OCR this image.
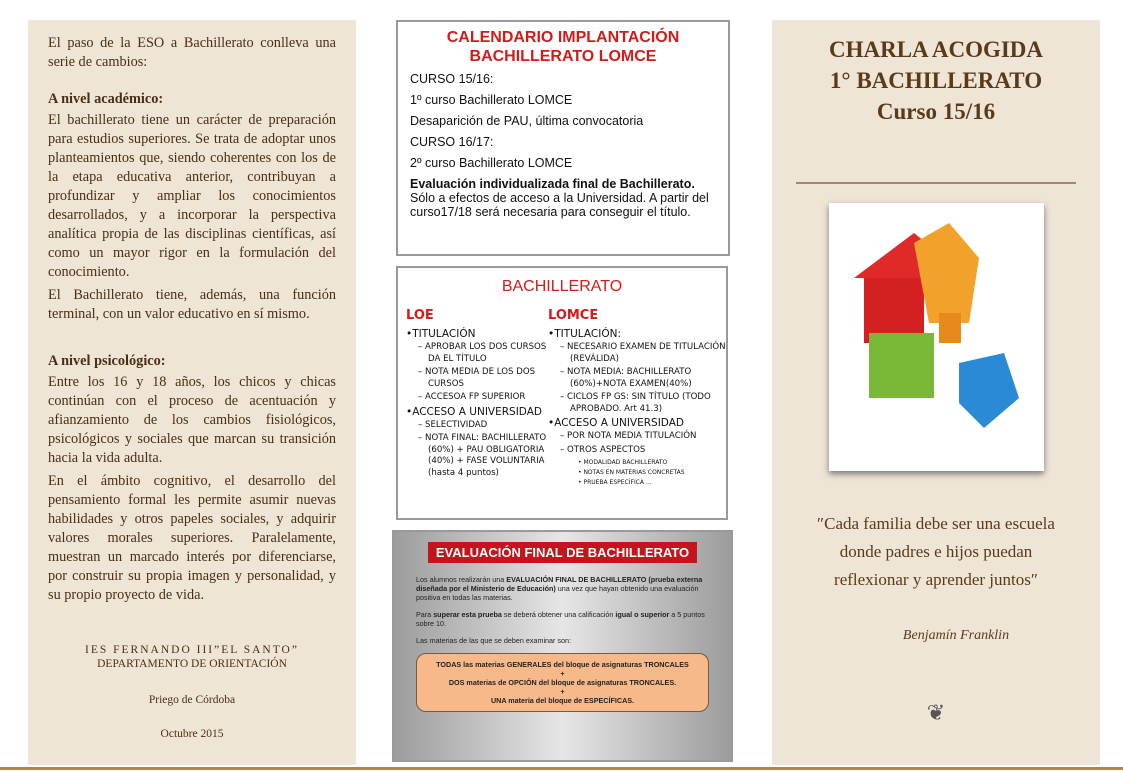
El paso de la ESO a Bachillerato conlleva una serie de cambios:

A nivel académico:

El bachillerato tiene un carácter de preparación para estudios superiores. Se trata de adoptar unos planteamientos que, siendo coherentes con los de la etapa educativa anterior, contribuyan a profundizar y ampliar los conocimientos desarrollados, y a incorporar la perspectiva analítica propia de las disciplinas científicas, así como un mayor rigor en la formulación del conocimiento.

El Bachillerato tiene, además, una función terminal, con un valor educativo en sí mismo.

A nivel psicológico:

Entre los 16 y 18 años, los chicos y chicas continúan con el proceso de acentuación y afianzamiento de los cambios fisiológicos, psicológicos y sociales que marcan su transición hacia la vida adulta.

En el ámbito cognitivo, el desarrollo del pensamiento formal les permite asumir nuevas habilidades y otros papeles sociales, y adquirir valores morales superiores. Paralelamente, muestran un marcado interés por diferenciarse, por construir su propia imagen y personalidad, y su propio proyecto de vida.

IES FERNANDO III”EL SANTO”
DEPARTAMENTO DE ORIENTACIÓN
Priego de Córdoba
Octubre 2015
CALENDARIO IMPLANTACIÓN BACHILLERATO LOMCE
CURSO 15/16:
1º curso Bachillerato LOMCE
Desaparición de PAU, última convocatoria
CURSO 16/17:
2º curso Bachillerato LOMCE
Evaluación individualizada final de Bachillerato. Sólo a efectos de acceso a la Universidad. A partir del curso17/18 será necesaria para conseguir el título.
BACHILLERATO
LOE
•TITULACIÓN
– APROBAR LOS DOS CURSOS DA EL TÍTULO
– NOTA MEDIA DE LOS DOS CURSOS
– ACCESOA FP SUPERIOR
•ACCESO A UNIVERSIDAD
– SELECTIVIDAD
– NOTA FINAL: BACHILLERATO (60%) + PAU OBLIGATORIA (40%) + FASE VOLUNTARIA (hasta 4 puntos)
LOMCE
•TITULACIÓN:
– NECESARIO EXAMEN DE TITULACIÓN (REVÁLIDA)
– NOTA MEDIA: BACHILLERATO (60%)+NOTA EXAMEN(40%)
– CICLOS FP GS: SIN TÍTULO (TODO APROBADO. Art 41.3)
•ACCESO A UNIVERSIDAD
– POR NOTA MEDIA TITULACIÓN
– OTROS ASPECTOS
• MODALIDAD BACHILLERATO
• NOTAS EN MATERIAS CONCRETAS
• PRUEBA ESPECÍFICA ...
EVALUACIÓN FINAL DE BACHILLERATO

Los alumnos realizarán una EVALUACIÓN FINAL DE BACHILLERATO (prueba externa diseñada por el Ministerio de Educación) una vez que hayan obtenido una evaluación positiva en todas las materias.

Para superar esta prueba se deberá obtener una calificación igual o superior a 5 puntos sobre 10.

Las materias de las que se deben examinar son:

TODAS las materias GENERALES del bloque de asignaturas TRONCALES
+
DOS materias de OPCIÓN del bloque de asignaturas TRONCALES.
+
UNA materia del bloque de ESPECÍFICAS.
CHARLA ACOGIDA
1° BACHILLERATO
Curso 15/16
″Cada familia debe ser una escuela donde padres e hijos puedan reflexionar y aprender juntos″
Benjamín Franklin
❦
